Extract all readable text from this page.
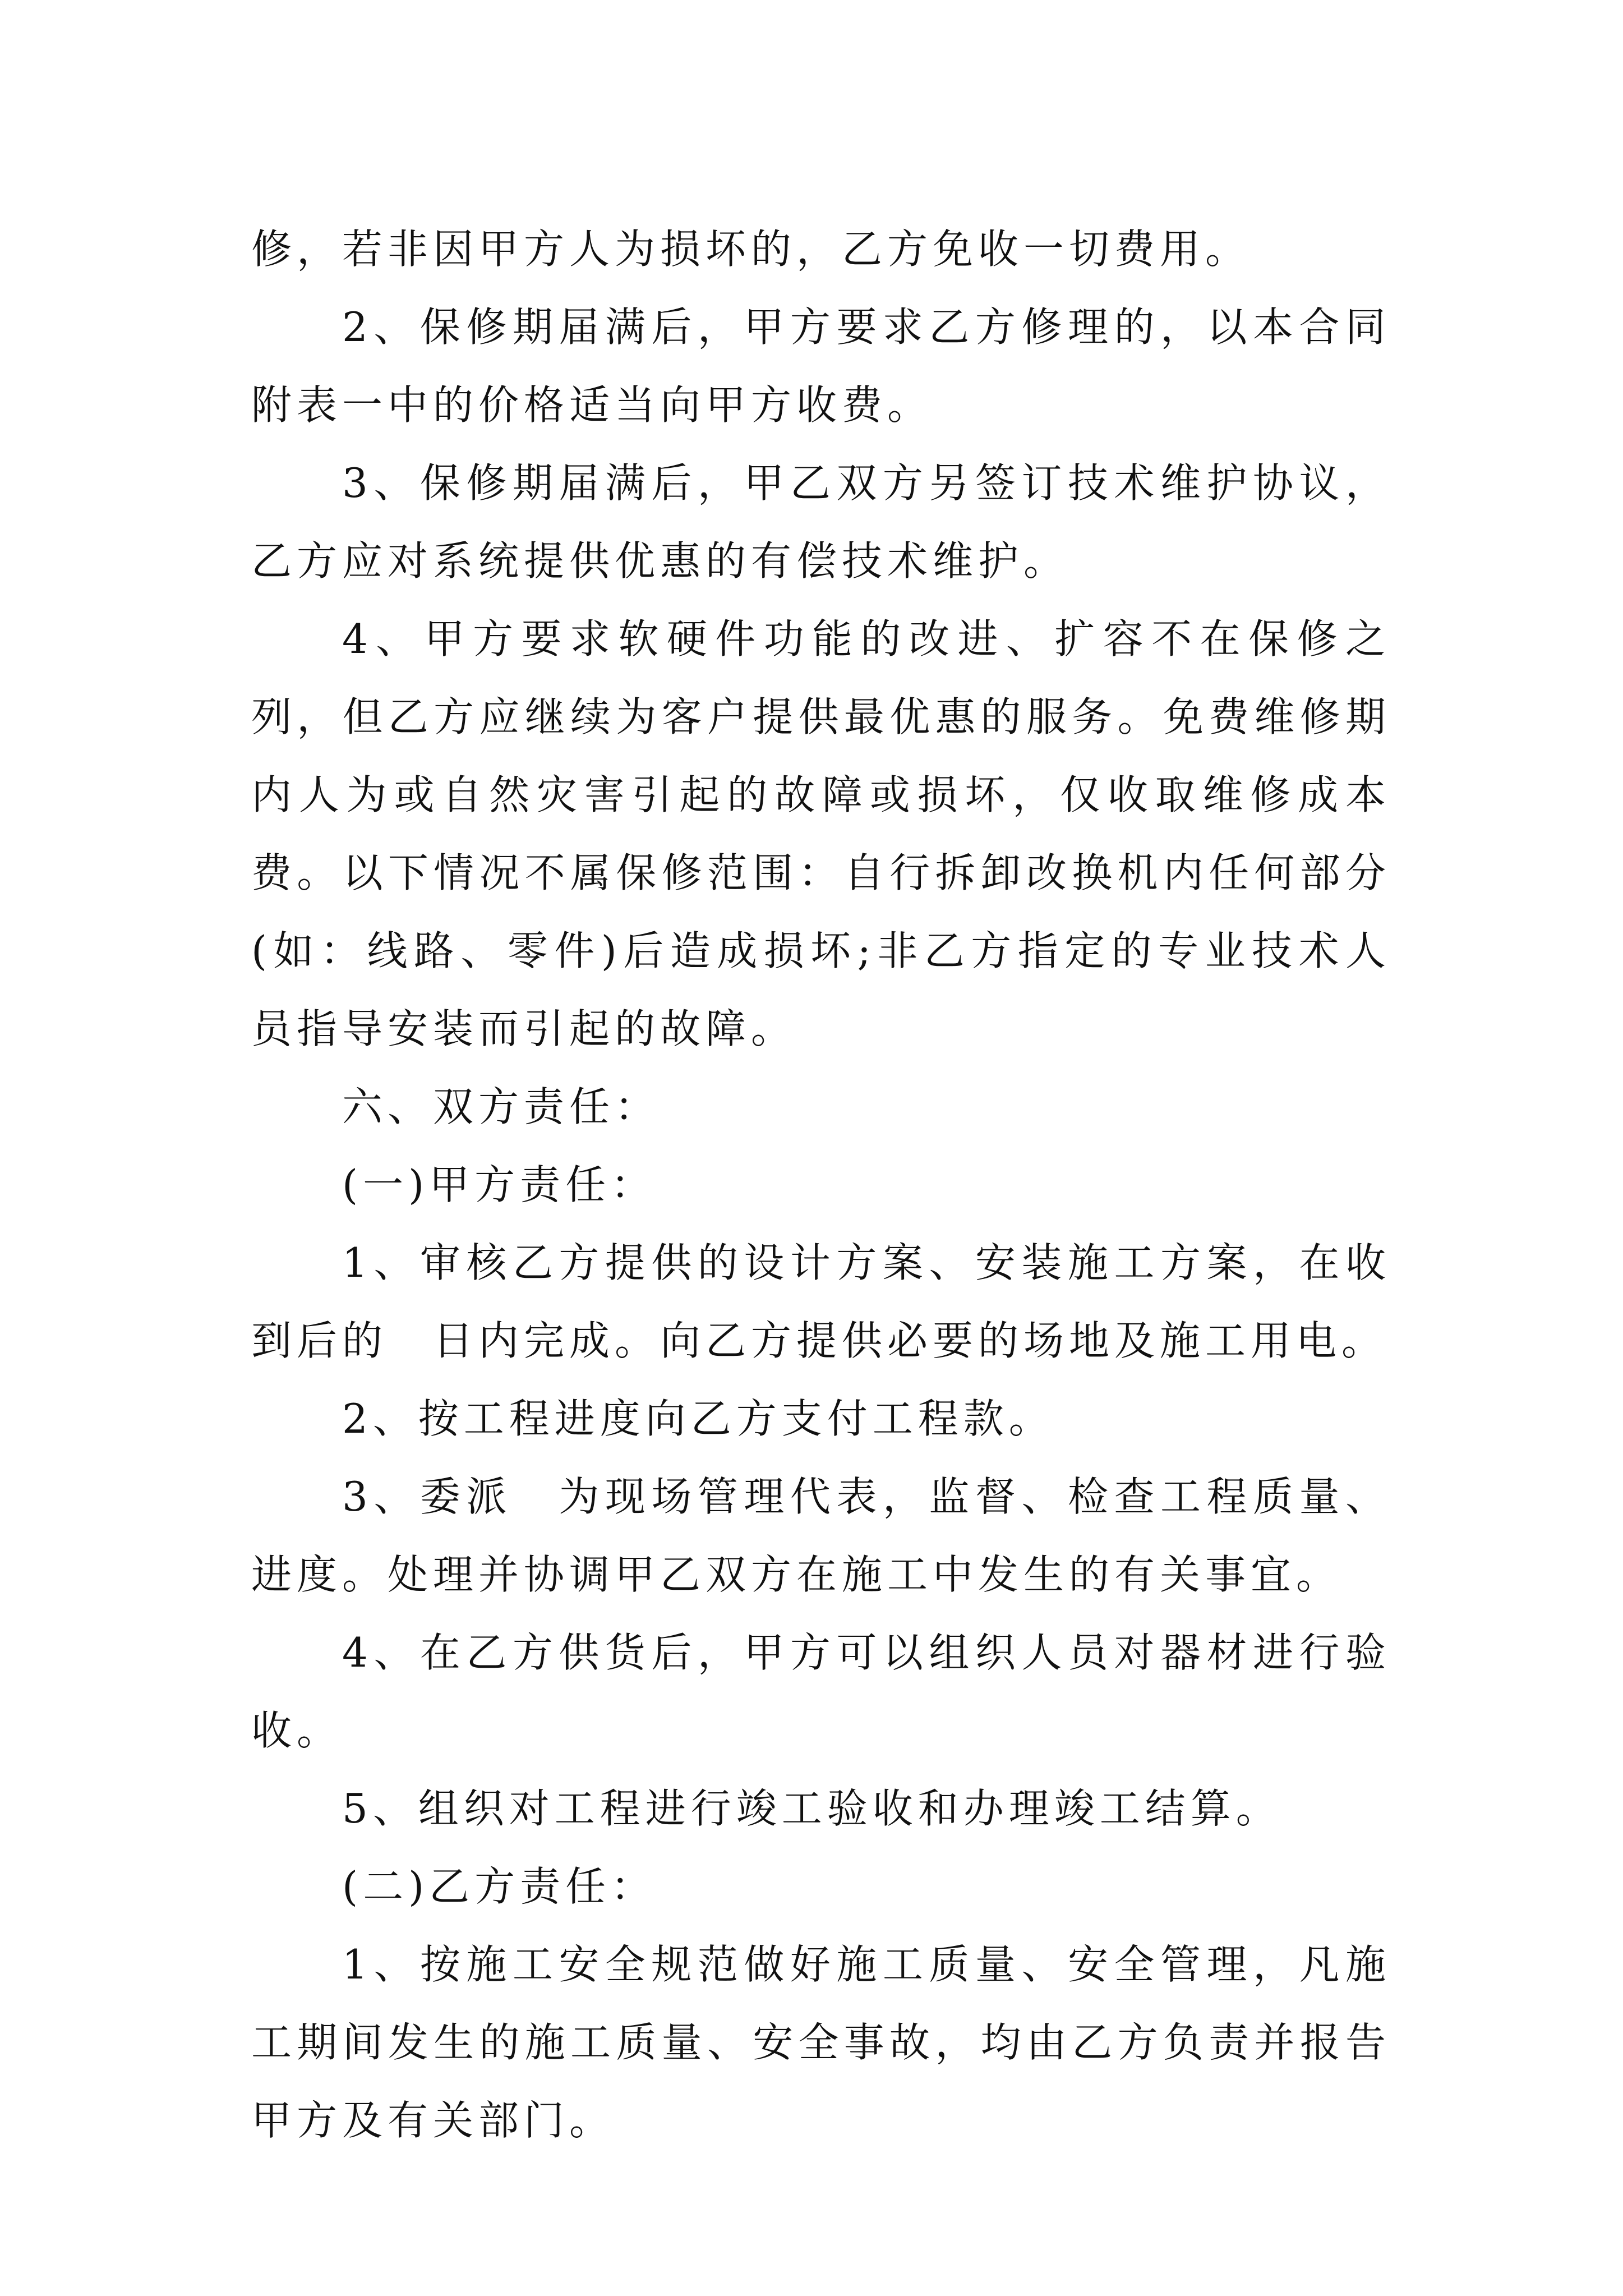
修，若非因甲方人为损坏的，乙方免收一切费用。

2、保修期届满后，甲方要求乙方修理的，以本合同附表一中的价格适当向甲方收费。

3、保修期届满后，甲乙双方另签订技术维护协议，乙方应对系统提供优惠的有偿技术维护。

4、甲方要求软硬件功能的改进、扩容不在保修之列，但乙方应继续为客户提供最优惠的服务。免费维修期内人为或自然灾害引起的故障或损坏，仅收取维修成本费。以下情况不属保修范围：自行拆卸改换机内任何部分(如：线路、零件)后造成损坏;非乙方指定的专业技术人员指导安装而引起的故障。

六、双方责任：

(一)甲方责任：

1、审核乙方提供的设计方案、安装施工方案，在收到后的　日内完成。向乙方提供必要的场地及施工用电。

2、按工程进度向乙方支付工程款。

3、委派　为现场管理代表，监督、检查工程质量、进度。处理并协调甲乙双方在施工中发生的有关事宜。

4、在乙方供货后，甲方可以组织人员对器材进行验收。

5、组织对工程进行竣工验收和办理竣工结算。

(二)乙方责任：

1、按施工安全规范做好施工质量、安全管理，凡施工期间发生的施工质量、安全事故，均由乙方负责并报告甲方及有关部门。
